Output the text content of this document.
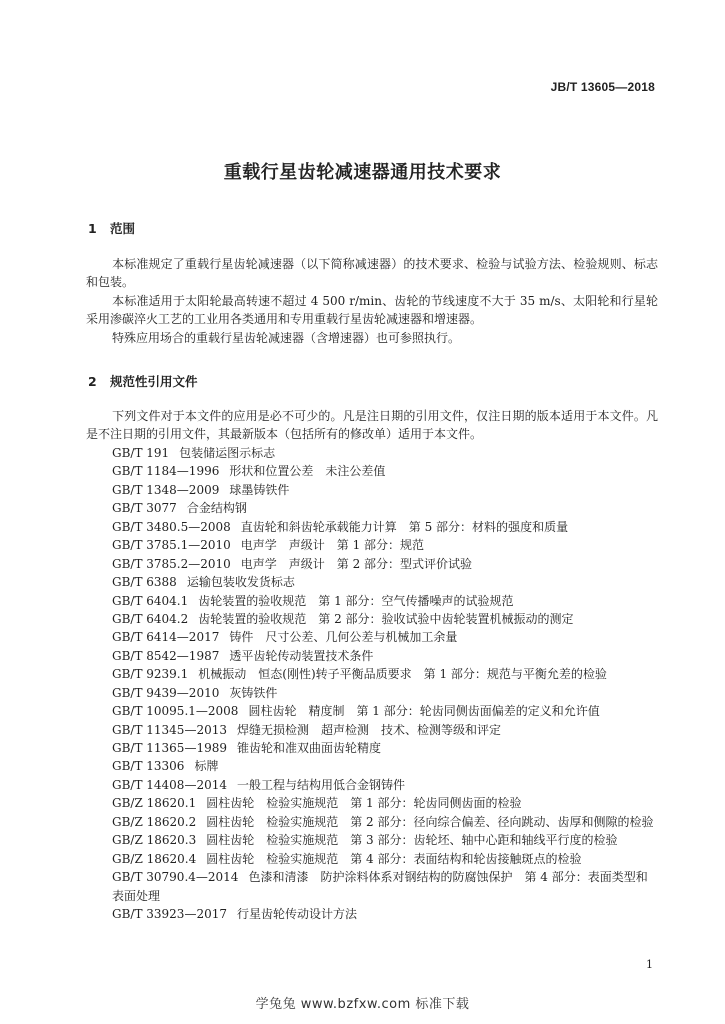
JB/T 13605—2018
重载行星齿轮减速器通用技术要求
1 范围
本标准规定了重载行星齿轮减速器（以下简称减速器）的技术要求、检验与试验方法、检验规则、标志和包装。
本标准适用于太阳轮最高转速不超过 4 500 r/min、齿轮的节线速度不大于 35 m/s、太阳轮和行星轮采用渗碳淬火工艺的工业用各类通用和专用重载行星齿轮减速器和增速器。
特殊应用场合的重载行星齿轮减速器（含增速器）也可参照执行。
2 规范性引用文件
下列文件对于本文件的应用是必不可少的。凡是注日期的引用文件，仅注日期的版本适用于本文件。凡是不注日期的引用文件，其最新版本（包括所有的修改单）适用于本文件。
GB/T 191 包装储运图示标志
GB/T 1184—1996 形状和位置公差　未注公差值
GB/T 1348—2009 球墨铸铁件
GB/T 3077 合金结构钢
GB/T 3480.5—2008 直齿轮和斜齿轮承载能力计算　第 5 部分：材料的强度和质量
GB/T 3785.1—2010 电声学　声级计　第 1 部分：规范
GB/T 3785.2—2010 电声学　声级计　第 2 部分：型式评价试验
GB/T 6388 运输包装收发货标志
GB/T 6404.1 齿轮装置的验收规范　第 1 部分：空气传播噪声的试验规范
GB/T 6404.2 齿轮装置的验收规范　第 2 部分：验收试验中齿轮装置机械振动的测定
GB/T 6414—2017 铸件　尺寸公差、几何公差与机械加工余量
GB/T 8542—1987 透平齿轮传动装置技术条件
GB/T 9239.1 机械振动　恒态(刚性)转子平衡品质要求　第 1 部分：规范与平衡允差的检验
GB/T 9439—2010 灰铸铁件
GB/T 10095.1—2008 圆柱齿轮　精度制　第 1 部分：轮齿同侧齿面偏差的定义和允许值
GB/T 11345—2013 焊缝无损检测　超声检测　技术、检测等级和评定
GB/T 11365—1989 锥齿轮和准双曲面齿轮精度
GB/T 13306 标牌
GB/T 14408—2014 一般工程与结构用低合金钢铸件
GB/Z 18620.1 圆柱齿轮　检验实施规范　第 1 部分：轮齿同侧齿面的检验
GB/Z 18620.2 圆柱齿轮　检验实施规范　第 2 部分：径向综合偏差、径向跳动、齿厚和侧隙的检验
GB/Z 18620.3 圆柱齿轮　检验实施规范　第 3 部分：齿轮坯、轴中心距和轴线平行度的检验
GB/Z 18620.4 圆柱齿轮　检验实施规范　第 4 部分：表面结构和轮齿接触斑点的检验
GB/T 30790.4—2014 色漆和清漆　防护涂料体系对钢结构的防腐蚀保护　第 4 部分：表面类型和表面处理
GB/T 33923—2017 行星齿轮传动设计方法
1
学兔兔 www.bzfxw.com 标准下载
